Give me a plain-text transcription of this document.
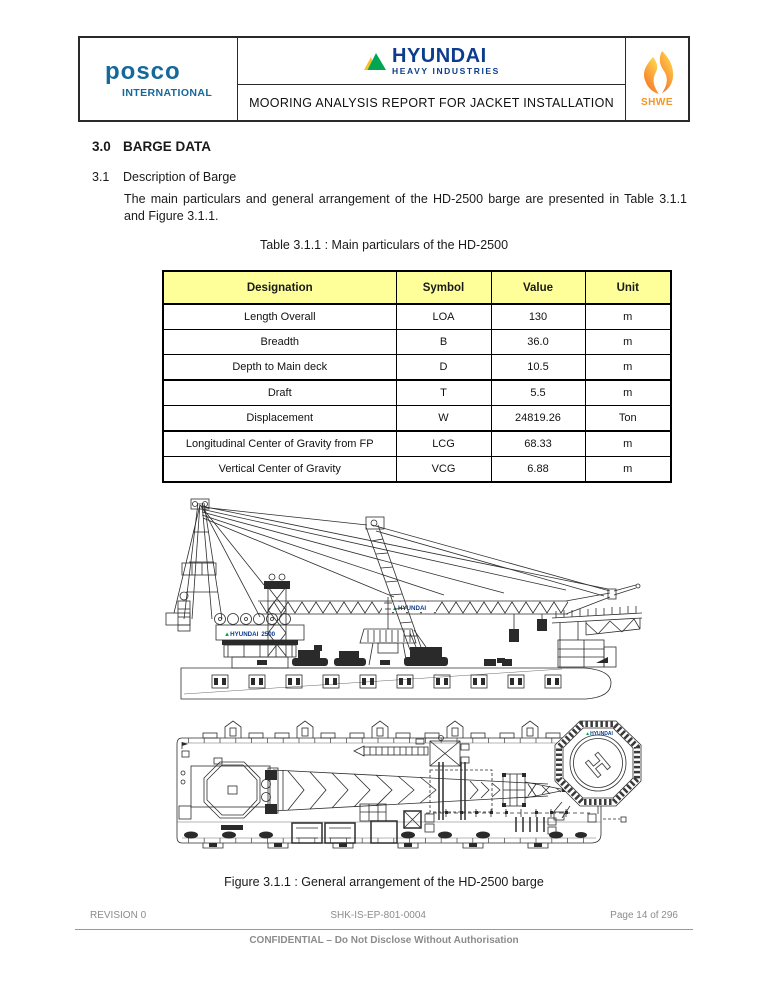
posco
INTERNATIONAL
HYUNDAI
HEAVY INDUSTRIES
MOORING ANALYSIS REPORT FOR JACKET INSTALLATION	SHWE
3.0 BARGE DATA
3.1 Description of Barge
The main particulars and general arrangement of the HD-2500 barge are presented in Table 3.1.1 and Figure 3.1.1.
Table 3.1.1 : Main particulars of the HD-2500
Designation	Symbol	Value	Unit
Length Overall	LOA	130	m
Breadth	B	36.0	m
Depth to Main deck	D	10.5	m
Draft	T	5.5	m
Displacement	W	24819.26	Ton
Longitudinal Center of Gravity from FP	LCG	68.33	m
Vertical Center of Gravity	VCG	6.88	m
▲HYUNDAI 2500
▲HYUNDAI
H
▲HYUNDAI
Figure 3.1.1 : General arrangement of the HD-2500 barge
REVISION 0	SHK-IS-EP-801-0004	Page 14 of 296
CONFIDENTIAL – Do Not Disclose Without Authorisation
